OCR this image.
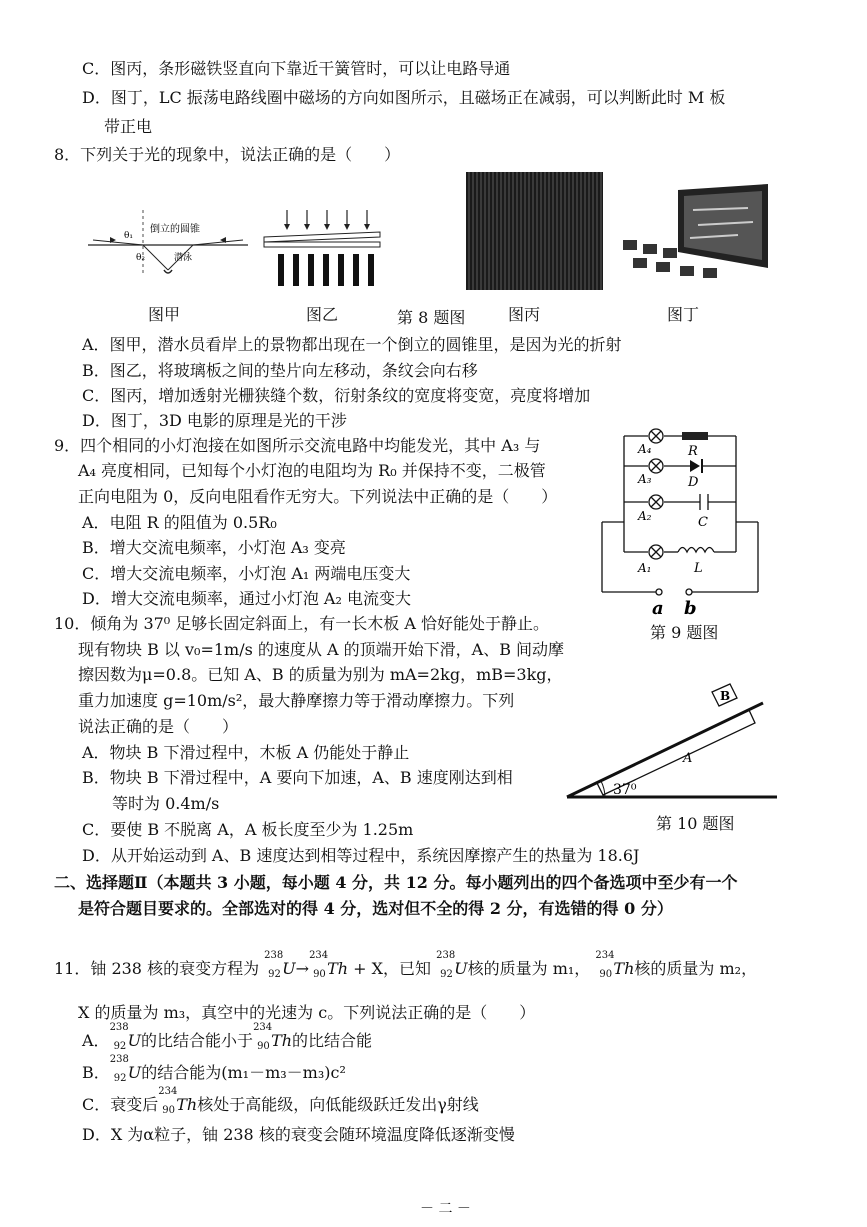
C．图丙，条形磁铁竖直向下靠近干簧管时，可以让电路导通
D．图丁，LC 振荡电路线圈中磁场的方向如图所示，且磁场正在减弱，可以判断此时 M 板
带正电
8．下列关于光的现象中，说法正确的是（　　）
θ₁
θ₂
倒立的圆锥
潜泳
图甲	图乙	第 8 题图	图丙	图丁
A．图甲，潜水员看岸上的景物都出现在一个倒立的圆锥里，是因为光的折射
B．图乙，将玻璃板之间的垫片向左移动，条纹会向右移
C．图丙，增加透射光栅狭缝个数，衍射条纹的宽度将变宽，亮度将增加
D．图丁，3D 电影的原理是光的干涉
9．四个相同的小灯泡接在如图所示交流电路中均能发光，其中 A₃ 与
A₄ 亮度相同，已知每个小灯泡的电阻均为 R₀ 并保持不变，二极管
正向电阻为 0，反向电阻看作无穷大。下列说法中正确的是（　　）
A．电阻 R 的阻值为 0.5R₀
B．增大交流电频率，小灯泡 A₃ 变亮
C．增大交流电频率，小灯泡 A₁ 两端电压变大
D．增大交流电频率，通过小灯泡 A₂ 电流变大
A₄	R
A₃	D
A₂	C
A₁	L
a b
第 9 题图
10．倾角为 37⁰ 足够长固定斜面上，有一长木板 A 恰好能处于静止。
现有物块 B 以 v₀=1m/s 的速度从 A 的顶端开始下滑，A、B 间动摩
擦因数为μ=0.8。已知 A、B 的质量为别为 mA=2kg，mB=3kg，
重力加速度 g=10m/s²，最大静摩擦力等于滑动摩擦力。下列
说法正确的是（　　）
A．物块 B 下滑过程中，木板 A 仍能处于静止
B．物块 B 下滑过程中，A 要向下加速，A、B 速度刚达到相
等时为 0.4m/s
C．要使 B 不脱离 A，A 板长度至少为 1.25m
D．从开始运动到 A、B 速度达到相等过程中，系统因摩擦产生的热量为 18.6J
A
B
37⁰
第 10 题图
二、选择题Ⅱ（本题共 3 小题，每小题 4 分，共 12 分。每小题列出的四个备选项中至少有一个
是符合题目要求的。全部选对的得 4 分，选对但不全的得 2 分，有选错的得 0 分）
11．铀 238 核的衰变方程为
238
92 U→
234
90 Th + X，已知
238
92 U核的质量为 m₁，
234
90 Th核的质量为 m₂，
X 的质量为 m₃，真空中的光速为 c。下列说法正确的是（　　）
A．
238
92 U的比结合能小于
234
90 Th的比结合能
B．
238
92 U的结合能为(m₁－m₃－m₃)c²
C．衰变后
234
90 Th核处于高能级，向低能级跃迁发出γ射线
D．X 为α粒子，铀 238 核的衰变会随环境温度降低逐渐变慢
－ 二 －
